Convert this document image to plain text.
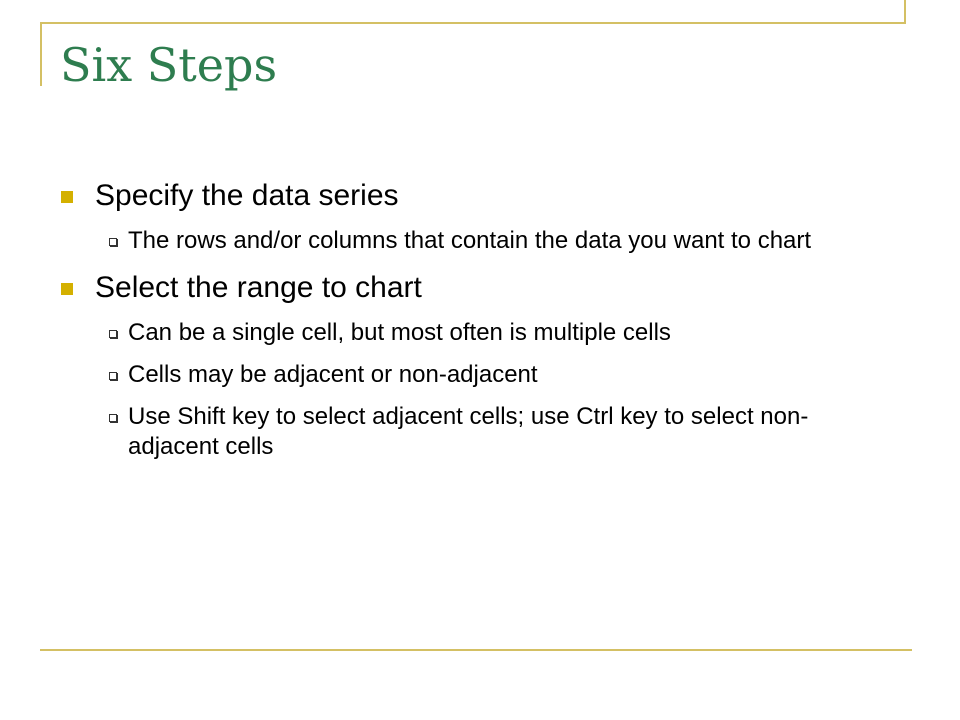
Six Steps
Specify the data series
The rows and/or columns that contain the data you want to chart
Select the range to chart
Can be a single cell, but most often is multiple cells
Cells may be adjacent or non-adjacent
Use Shift key to select adjacent cells; use Ctrl key to select non-adjacent cells
